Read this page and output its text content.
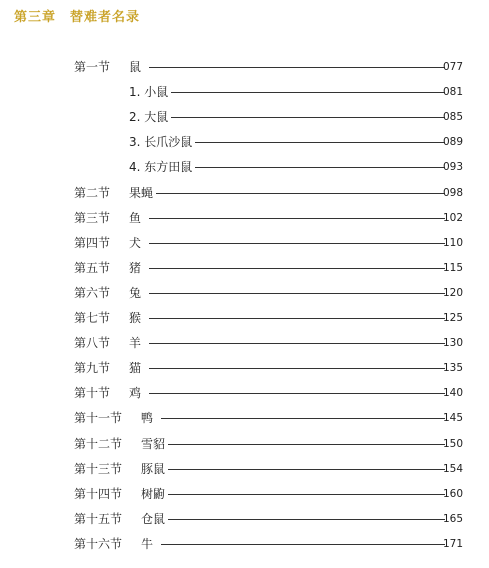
第三章 替难者名录
第一节 鼠	077
1. 小鼠	081
2. 大鼠	085
3. 长爪沙鼠	089
4. 东方田鼠	093
第二节 果蝇	098
第三节 鱼	102
第四节 犬	110
第五节 猪	115
第六节 兔	120
第七节 猴	125
第八节 羊	130
第九节 猫	135
第十节 鸡	140
第十一节 鸭	145
第十二节 雪貂	150
第十三节 豚鼠	154
第十四节 树鼩	160
第十五节 仓鼠	165
第十六节 牛	171
